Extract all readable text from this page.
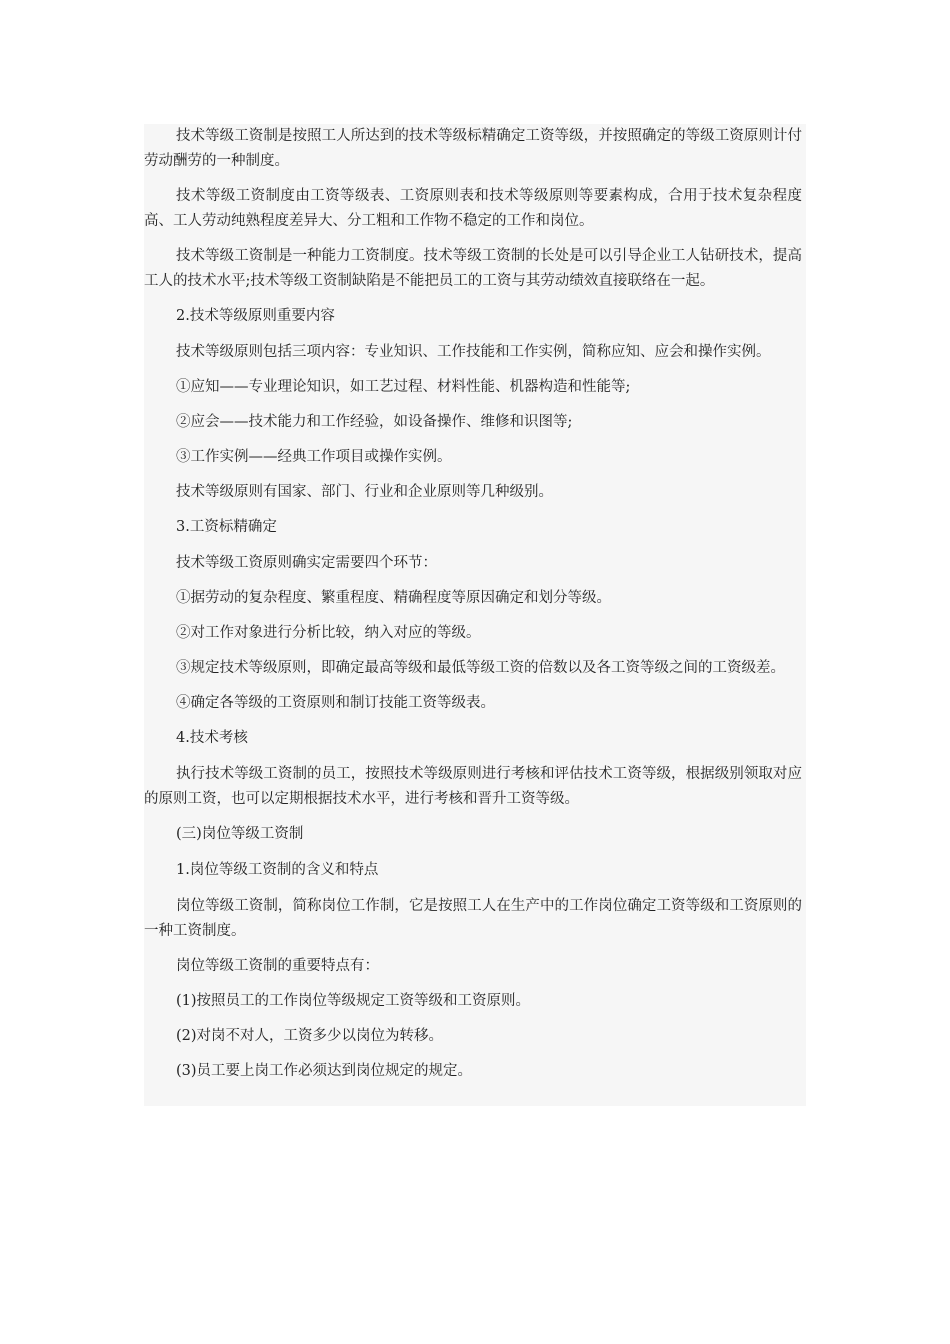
技术等级工资制是按照工人所达到的技术等级标精确定工资等级，并按照确定的等级工资原则计付劳动酬劳的一种制度。

技术等级工资制度由工资等级表、工资原则表和技术等级原则等要素构成，合用于技术复杂程度高、工人劳动纯熟程度差异大、分工粗和工作物不稳定的工作和岗位。

技术等级工资制是一种能力工资制度。技术等级工资制的长处是可以引导企业工人钻研技术，提高工人的技术水平;技术等级工资制缺陷是不能把员工的工资与其劳动绩效直接联络在一起。

2.技术等级原则重要内容

技术等级原则包括三项内容：专业知识、工作技能和工作实例，简称应知、应会和操作实例。

①应知——专业理论知识，如工艺过程、材料性能、机器构造和性能等;

②应会——技术能力和工作经验，如设备操作、维修和识图等;

③工作实例——经典工作项目或操作实例。

技术等级原则有国家、部门、行业和企业原则等几种级别。

3.工资标精确定

技术等级工资原则确实定需要四个环节：

①据劳动的复杂程度、繁重程度、精确程度等原因确定和划分等级。

②对工作对象进行分析比较，纳入对应的等级。

③规定技术等级原则，即确定最高等级和最低等级工资的倍数以及各工资等级之间的工资级差。

④确定各等级的工资原则和制订技能工资等级表。

4.技术考核

执行技术等级工资制的员工，按照技术等级原则进行考核和评估技术工资等级，根据级别领取对应的原则工资，也可以定期根据技术水平，进行考核和晋升工资等级。

(三)岗位等级工资制

1.岗位等级工资制的含义和特点

岗位等级工资制，简称岗位工作制，它是按照工人在生产中的工作岗位确定工资等级和工资原则的一种工资制度。

岗位等级工资制的重要特点有：

(1)按照员工的工作岗位等级规定工资等级和工资原则。

(2)对岗不对人，工资多少以岗位为转移。

(3)员工要上岗工作必须达到岗位规定的规定。
